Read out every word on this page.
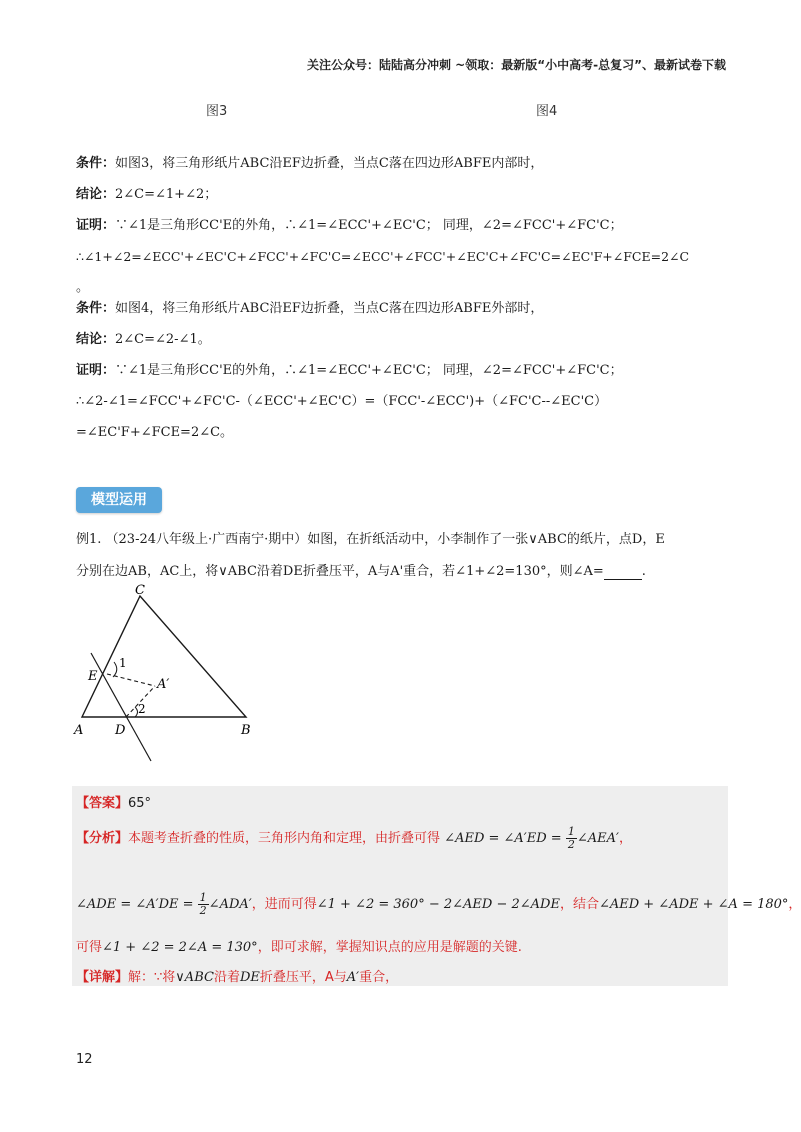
关注公众号：陆陆高分冲刺 ~领取：最新版“小中高考-总复习”、最新试卷下载
图3	图4
条件：如图3，将三角形纸片ABC沿EF边折叠，当点C落在四边形ABFE内部时，
结论：2∠C=∠1+∠2；
证明：∵∠1是三角形CC'E的外角，∴∠1=∠ECC'+∠EC'C； 同理，∠2=∠FCC'+∠FC'C；
∴∠1+∠2=∠ECC'+∠EC'C+∠FCC'+∠FC'C=∠ECC'+∠FCC'+∠EC'C+∠FC'C=∠EC'F+∠FCE=2∠C
。
条件：如图4，将三角形纸片ABC沿EF边折叠，当点C落在四边形ABFE外部时，
结论：2∠C=∠2-∠1。
证明：∵∠1是三角形CC'E的外角，∴∠1=∠ECC'+∠EC'C； 同理，∠2=∠FCC'+∠FC'C；
∴∠2-∠1=∠FCC'+∠FC'C-（∠ECC'+∠EC'C）=（FCC'-∠ECC')+（∠FC'C--∠EC'C）
=∠EC'F+∠FCE=2∠C。
模型运用
例1. （23-24八年级上·广西南宁·期中）如图，在折纸活动中，小李制作了一张∨ABC的纸片，点D，E
分别在边AB，AC上，将∨ABC沿着DE折叠压平，A与A'重合，若∠1+∠2=130°，则∠A=	.
C
E
1
A′
2
A D	B
【答案】65°
【分析】本题考查折叠的性质，三角形内角和定理，由折叠可得 ∠AED = ∠A′ED = $\frac{1}{2}$ ∠AEA′，
∠ADE = ∠A′DE = $\frac{1}{2}$ ∠ADA′，进而可得∠1 + ∠2 = 360° − 2∠AED − 2∠ADE，结合∠AED + ∠ADE + ∠A = 180°，
可得∠1 + ∠2 = 2∠A = 130°，即可求解，掌握知识点的应用是解题的关键.
【详解】解：∵将∨ABC沿着DE折叠压平，A与A′重合，
12
